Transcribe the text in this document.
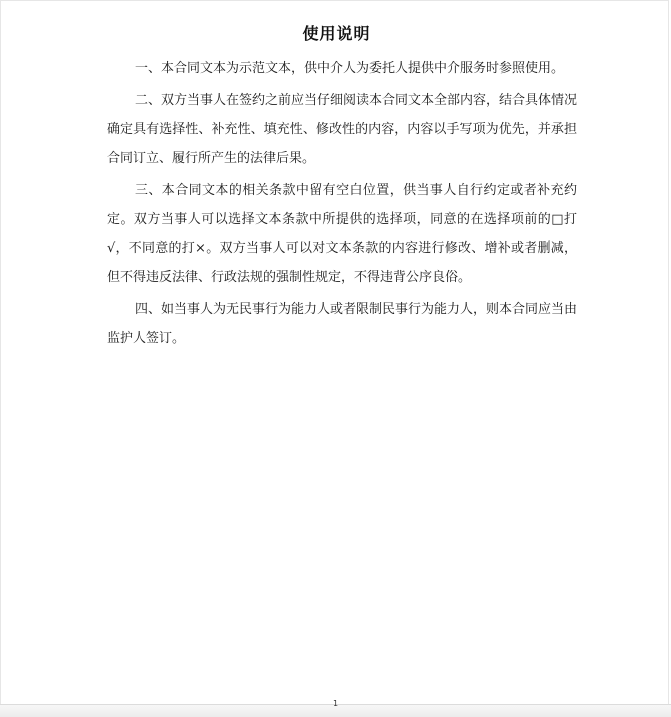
使用说明

一、本合同文本为示范文本，供中介人为委托人提供中介服务时参照使用。

二、双方当事人在签约之前应当仔细阅读本合同文本全部内容，结合具体情况确定具有选择性、补充性、填充性、修改性的内容，内容以手写项为优先，并承担合同订立、履行所产生的法律后果。

三、本合同文本的相关条款中留有空白位置，供当事人自行约定或者补充约定。双方当事人可以选择文本条款中所提供的选择项，同意的在选择项前的□打√，不同意的打×。双方当事人可以对文本条款的内容进行修改、增补或者删减，但不得违反法律、行政法规的强制性规定，不得违背公序良俗。

四、如当事人为无民事行为能力人或者限制民事行为能力人，则本合同应当由监护人签订。

1
